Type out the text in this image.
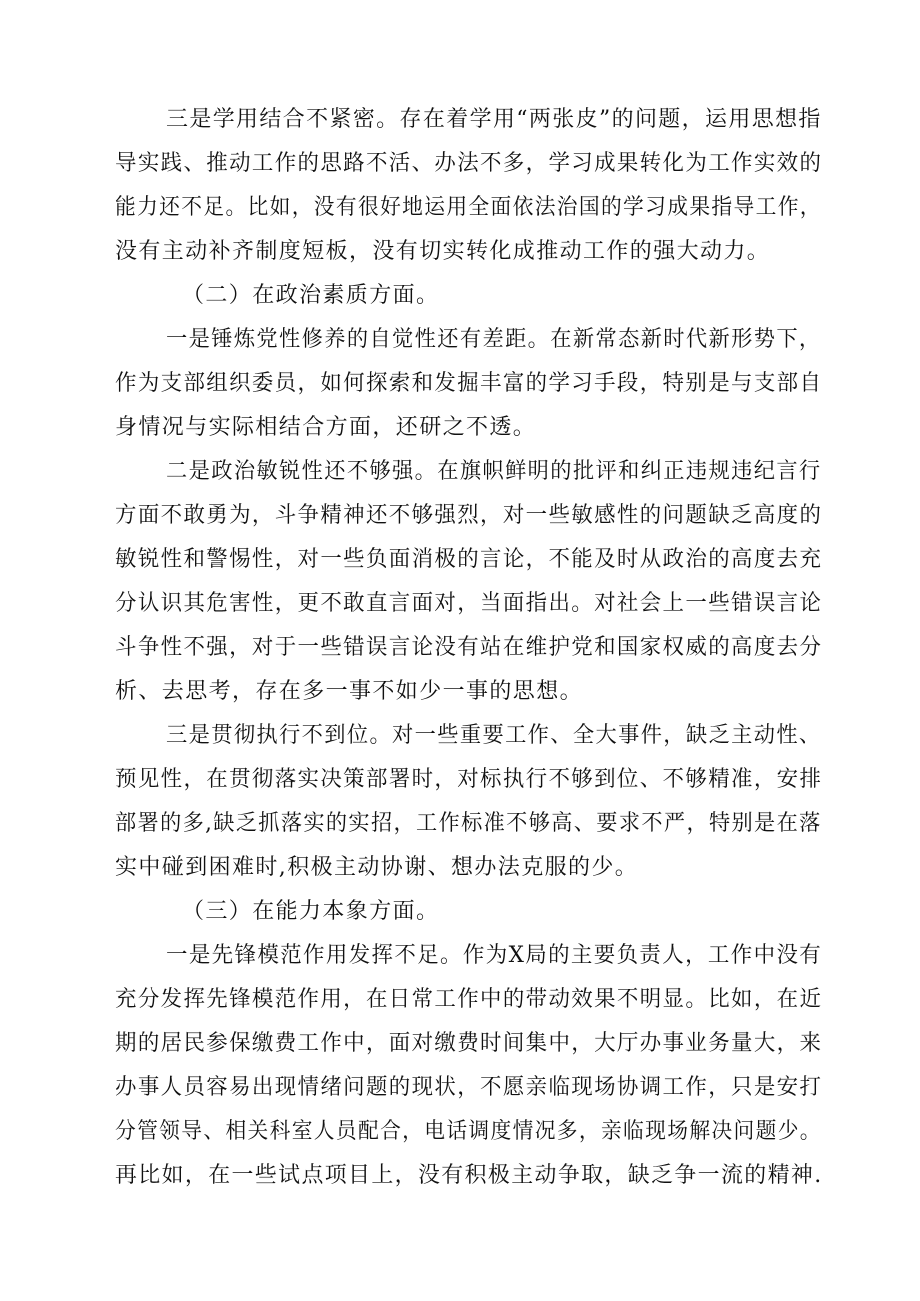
三是学用结合不紧密。存在着学用“两张皮”的问题，运用思想指
导实践、推动工作的思路不活、办法不多，学习成果转化为工作实效的
能力还不足。比如，没有很好地运用全面依法治国的学习成果指导工作，
没有主动补齐制度短板，没有切实转化成推动工作的强大动力。
（二）在政治素质方面。
一是锤炼党性修养的自觉性还有差距。在新常态新时代新形势下，
作为支部组织委员，如何探索和发掘丰富的学习手段，特别是与支部自
身情况与实际相结合方面，还研之不透。
二是政治敏锐性还不够强。在旗帜鲜明的批评和纠正违规违纪言行
方面不敢勇为，斗争精神还不够强烈，对一些敏感性的问题缺乏高度的
敏锐性和警惕性，对一些负面消极的言论，不能及时从政治的高度去充
分认识其危害性，更不敢直言面对，当面指出。对社会上一些错误言论
斗争性不强，对于一些错误言论没有站在维护党和国家权威的高度去分
析、去思考，存在多一事不如少一事的思想。
三是贯彻执行不到位。对一些重要工作、全大事件，缺乏主动性、
预见性，在贯彻落实决策部署时，对标执行不够到位、不够精准，安排
部署的多,缺乏抓落实的实招，工作标准不够高、要求不严，特别是在落
实中碰到困难时,积极主动协谢、想办法克服的少。
（三）在能力本象方面。
一是先锋模范作用发挥不足。作为X局的主要负责人，工作中没有
充分发挥先锋模范作用，在日常工作中的带动效果不明显。比如，在近
期的居民参保缴费工作中，面对缴费时间集中，大厅办事业务量大，来
办事人员容易出现情绪问题的现状，不愿亲临现场协调工作，只是安打
分管领导、相关科室人员配合，电话调度情况多，亲临现场解决问题少。
再比如，在一些试点项目上，没有积极主动争取，缺乏争一流的精神.
